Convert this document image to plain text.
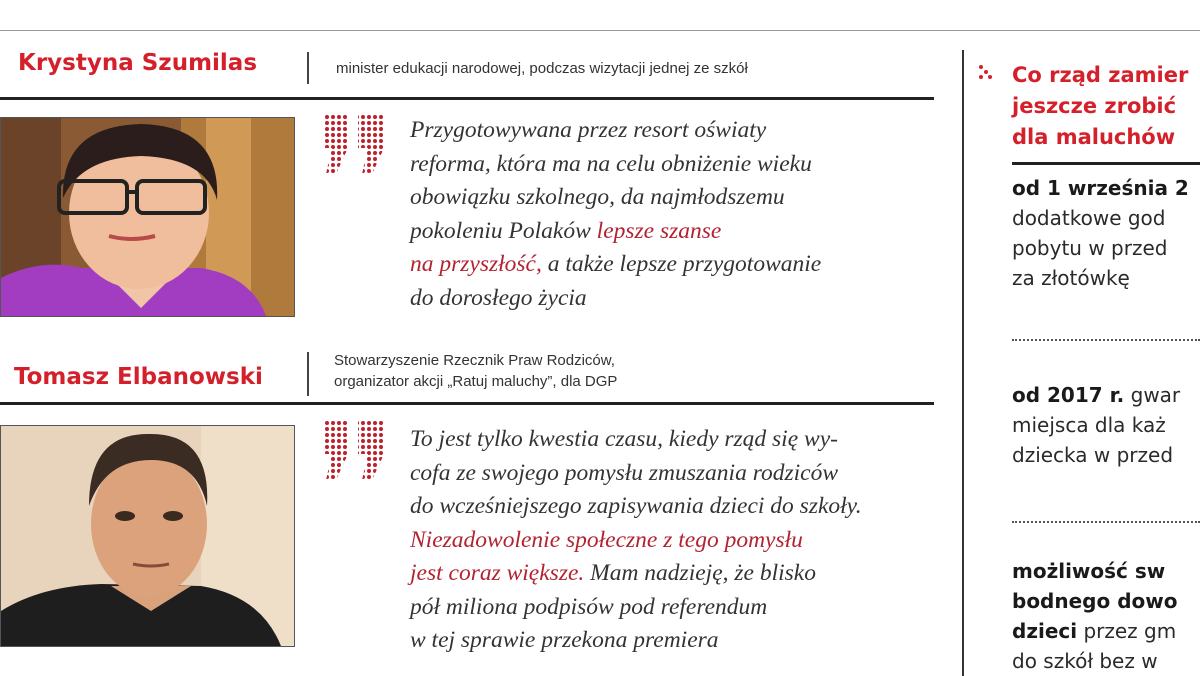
Krystyna Szumilas	minister edukacji narodowej, podczas wizytacji jednej ze szkół
Przygotowywana przez resort oświaty
reforma, która ma na celu obniżenie wieku
obowiązku szkolnego, da najmłodszemu
pokoleniu Polaków lepsze szanse
na przyszłość, a także lepsze przygotowanie
do dorosłego życia
Tomasz Elbanowski
Stowarzyszenie Rzecznik Praw Rodziców,
organizator akcji „Ratuj maluchy”, dla DGP
To jest tylko kwestia czasu, kiedy rząd się wy-
cofa ze swojego pomysłu zmuszania rodziców
do wcześniejszego zapisywania dzieci do szkoły.
Niezadowolenie społeczne z tego pomysłu
jest coraz większe. Mam nadzieję, że blisko
pół miliona podpisów pod referendum
w tej sprawie przekona premiera
Co rząd zamier
jeszcze zrobić
dla maluchów
od 1 września 2
dodatkowe god
pobytu w przed
za złotówkę
od 2017 r. gwar
miejsca dla każ
dziecka w przed
możliwość sw
bodnego dowo
dzieci przez gm
do szkół bez w
